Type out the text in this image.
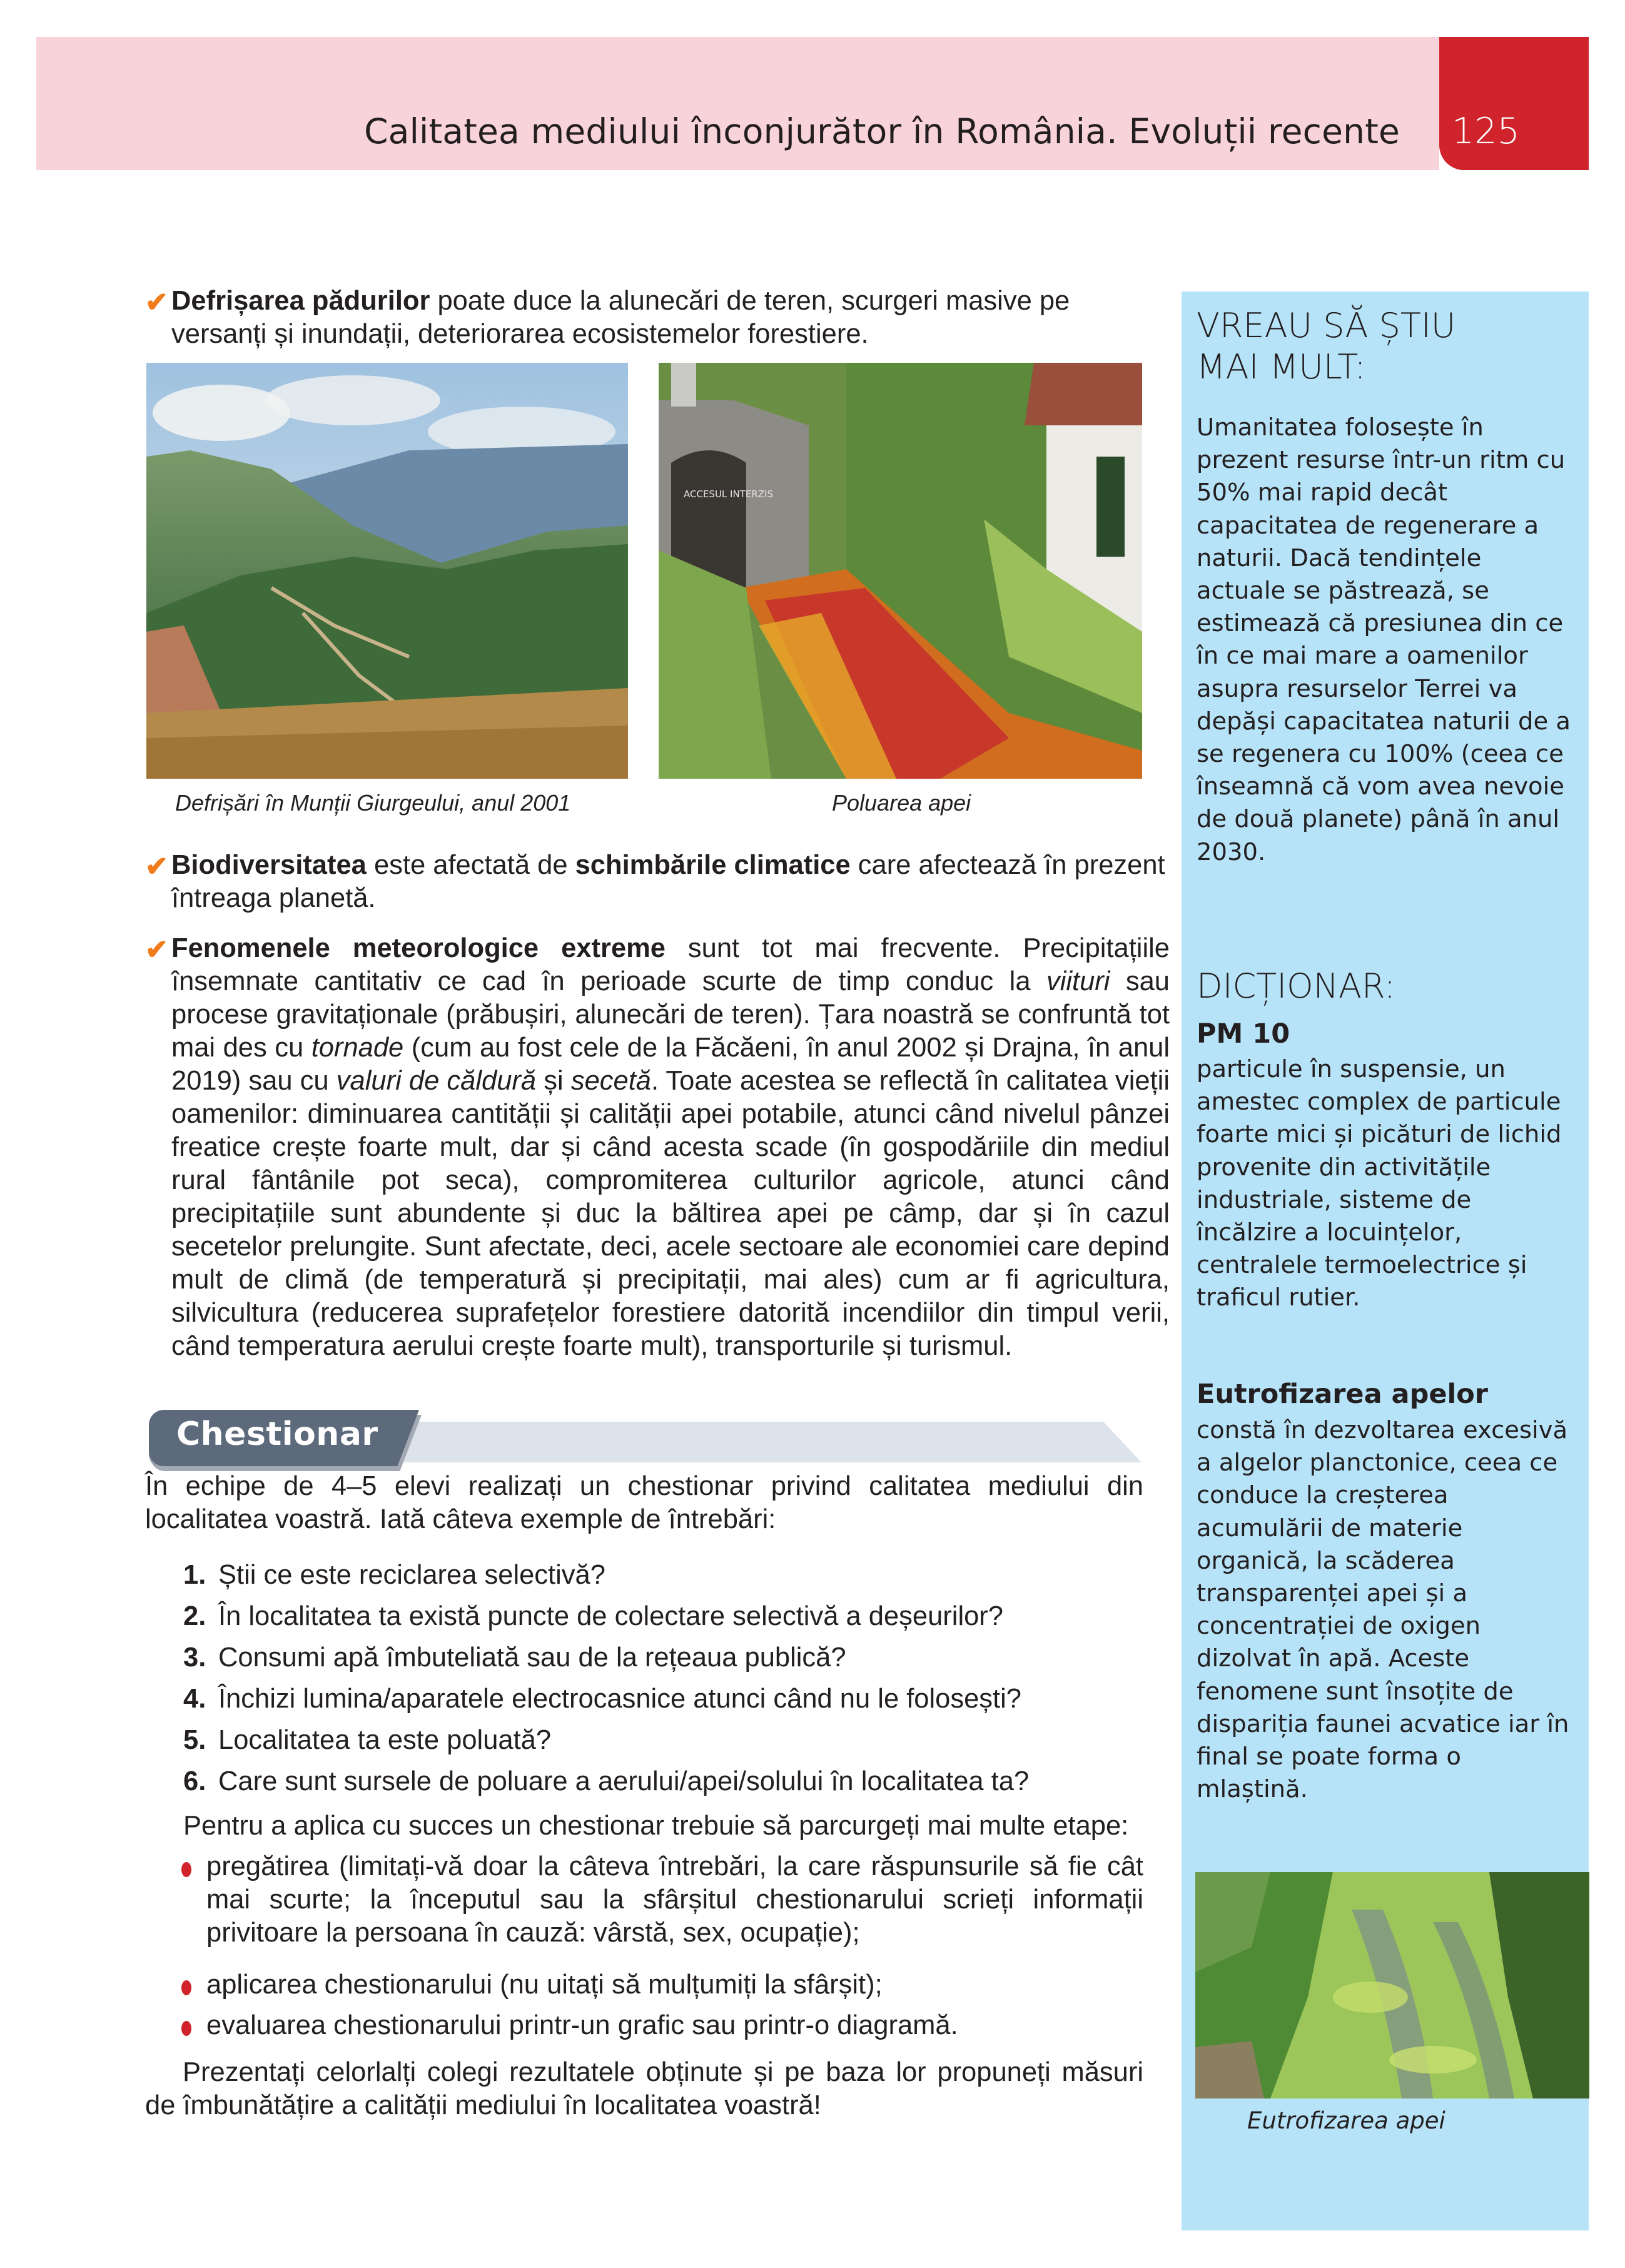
Calitatea mediului înconjurător în România. Evoluții recente 125
✔ Defrișarea pădurilor poate duce la alunecări de teren, scurgeri masive pe versanți și inundații, deteriorarea ecosistemelor forestiere.
ACCESUL INTERZIS
Defrișări în Munții Giurgeului, anul 2001	Poluarea apei
✔ Biodiversitatea este afectată de schimbările climatice care afectează în prezent întreaga planetă.
✔ Fenomenele meteorologice extreme sunt tot mai frecvente. Precipitațiile însemnate cantitativ ce cad în perioade scurte de timp conduc la viituri sau procese gravitaționale (prăbușiri, alunecări de teren). Țara noastră se confruntă tot mai des cu tornade (cum au fost cele de la Făcăeni, în anul 2002 și Drajna, în anul 2019) sau cu valuri de căldură și secetă. Toate acestea se reflectă în calitatea vieții oamenilor: diminuarea cantității și calității apei potabile, atunci când nivelul pânzei freatice crește foarte mult, dar și când acesta scade (în gospodăriile din mediul rural fântânile pot seca), compromiterea culturilor agricole, atunci când precipitațiile sunt abundente și duc la băltirea apei pe câmp, dar și în cazul secetelor prelungite. Sunt afectate, deci, acele sectoare ale economiei care depind mult de climă (de temperatură și precipitații, mai ales) cum ar fi agricultura, silvicultura (reducerea suprafețelor forestiere datorită incendiilor din timpul verii, când temperatura aerului crește foarte mult), transporturile și turismul.
Chestionar
În echipe de 4–5 elevi realizați un chestionar privind calitatea mediului din localitatea voastră. Iată câteva exemple de întrebări:
1. Știi ce este reciclarea selectivă?
2. În localitatea ta există puncte de colectare selectivă a deșeurilor?
3. Consumi apă îmbuteliată sau de la rețeaua publică?
4. Închizi lumina/aparatele electrocasnice atunci când nu le folosești?
5. Localitatea ta este poluată?
6. Care sunt sursele de poluare a aerului/apei/solului în localitatea ta?
Pentru a aplica cu succes un chestionar trebuie să parcurgeți mai multe etape:
pregătirea (limitați-vă doar la câteva întrebări, la care răspunsurile să fie cât mai scurte; la începutul sau la sfârșitul chestionarului scrieți informații privitoare la persoana în cauză: vârstă, sex, ocupație);
aplicarea chestionarului (nu uitați să mulțumiți la sfârșit);
evaluarea chestionarului printr-un grafic sau printr-o diagramă.
Prezentați celorlalți colegi rezultatele obținute și pe baza lor propuneți măsuri de îmbunătățire a calității mediului în localitatea voastră!
VREAU SĂ ȘTIU
MAI MULT:
Umanitatea folosește în prezent resurse într-un ritm cu 50% mai rapid decât capacitatea de regenerare a naturii. Dacă tendințele actuale se păstrează, se estimează că presiunea din ce în ce mai mare a oamenilor asupra resurselor Terrei va depăși capacitatea naturii de a se regenera cu 100% (ceea ce înseamnă că vom avea nevoie de două planete) până în anul 2030.
DICȚIONAR:
PM 10
particule în suspensie, un amestec complex de particule foarte mici și picături de lichid provenite din activitățile industriale, sisteme de încălzire a locuințelor, centralele termoelectrice și traficul rutier.
Eutrofizarea apelor
constă în dezvoltarea excesivă a algelor planctonice, ceea ce conduce la creșterea acumulării de materie organică, la scăderea transparenței apei și a concentrației de oxigen dizolvat în apă. Aceste fenomene sunt însoțite de dispariția faunei acvatice iar în final se poate forma o mlaștină.
Eutrofizarea apei
